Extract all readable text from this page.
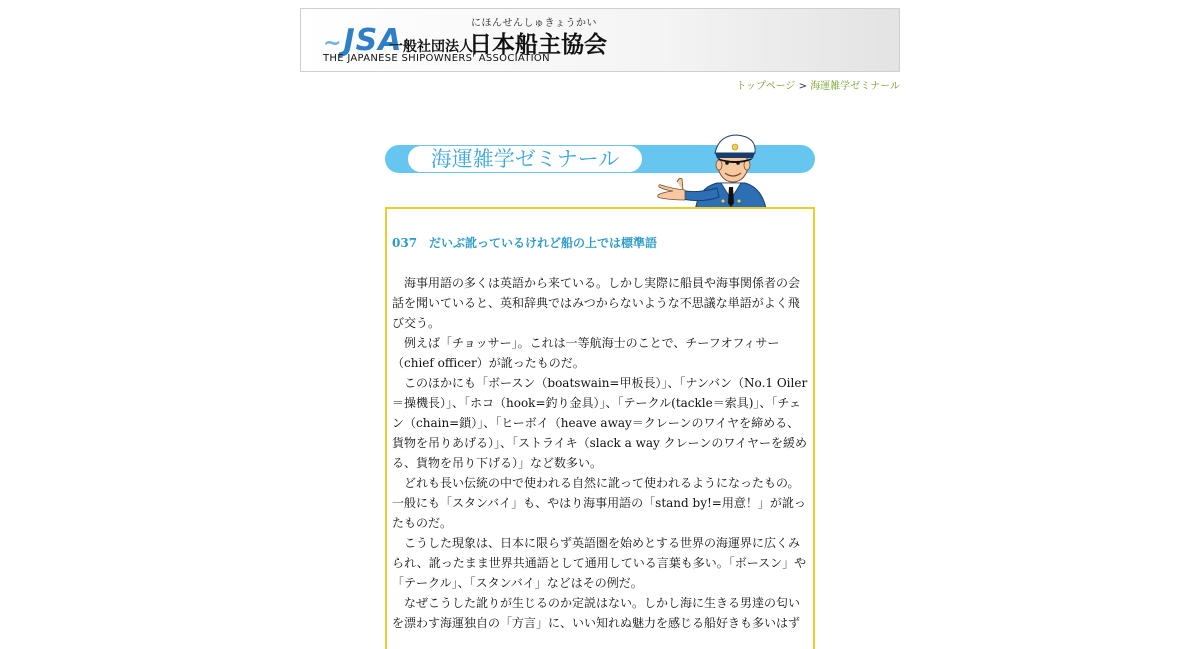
~JSA
一般社団法人
にほんせんしゅきょうかい
日本船主協会
THE JAPANESE SHIPOWNERS' ASSOCIATION
トップページ > 海運雑学ゼミナール
海運雑学ゼミナール
037　だいぶ訛っているけれど船の上では標準語

海事用語の多くは英語から来ている。しかし実際に船員や海事関係者の会話を聞いていると、英和辞典ではみつからないような不思議な単語がよく飛び交う。

例えば「チョッサー」。これは一等航海士のことで、チーフオフィサー（chief officer）が訛ったものだ。

このほかにも「ボースン（boatswain=甲板長）」、「ナンバン（No.1 Oiler＝操機長）」、「ホコ（hook=釣り金具）」、「テークル(tackle＝索具)」、「チェン（chain=鎖）」、「ヒーボイ（heave away＝クレーンのワイヤを締める、貨物を吊りあげる）」、「ストライキ（slack a way クレーンのワイヤーを緩める、貨物を吊り下げる）」など数多い。

どれも長い伝統の中で使われる自然に訛って使われるようになったもの。一般にも「スタンバイ」も、やはり海事用語の「stand by!=用意！」が訛ったものだ。

こうした現象は、日本に限らず英語圏を始めとする世界の海運界に広くみられ、訛ったまま世界共通語として通用している言葉も多い。「ボースン」や「テークル」、「スタンバイ」などはその例だ。

なぜこうした訛りが生じるのか定説はない。しかし海に生きる男達の匂いを漂わす海運独自の「方言」に、いい知れぬ魅力を感じる船好きも多いはず
